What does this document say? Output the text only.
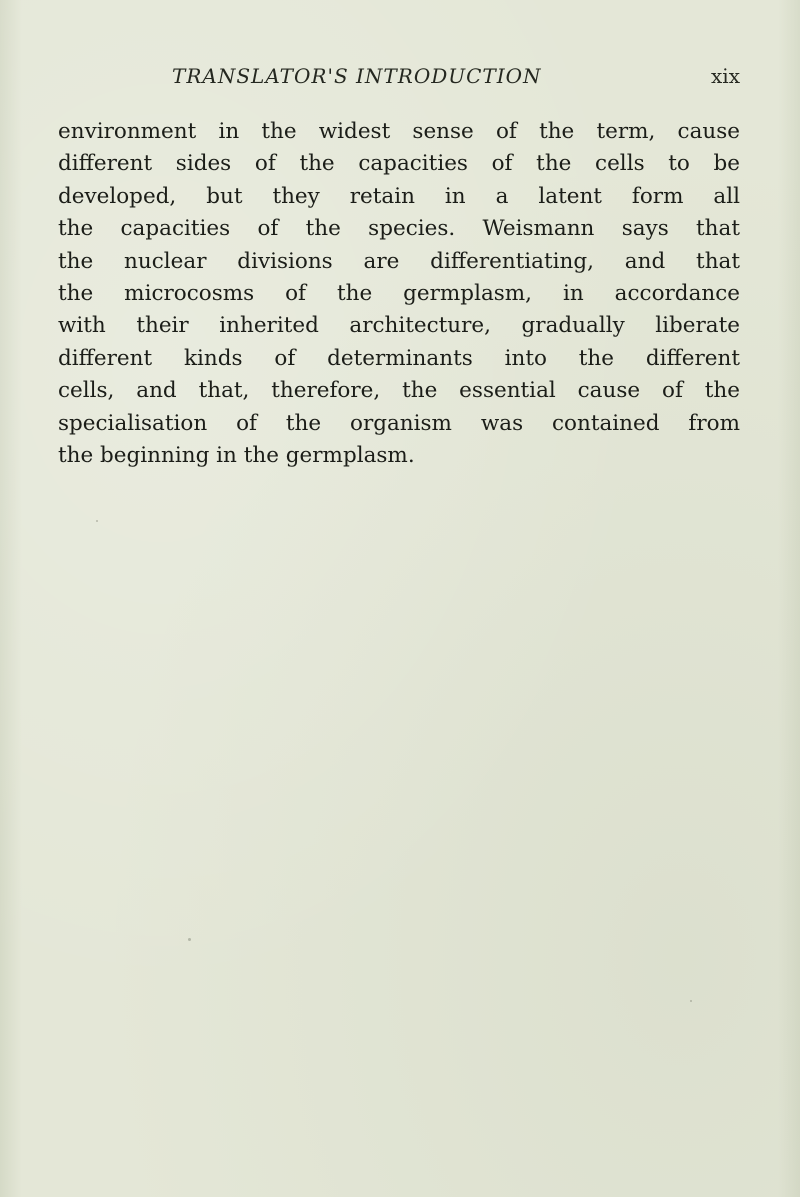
TRANSLATOR'S INTRODUCTION	xix
environment in the widest sense of the term, cause
different sides of the capacities of the cells to be
developed, but they retain in a latent form all
the capacities of the species. Weismann says that
the nuclear divisions are differentiating, and that
the microcosms of the germplasm, in accordance
with their inherited architecture, gradually liberate
different kinds of determinants into the different
cells, and that, therefore, the essential cause of the
specialisation of the organism was contained from
the beginning in the germplasm.
